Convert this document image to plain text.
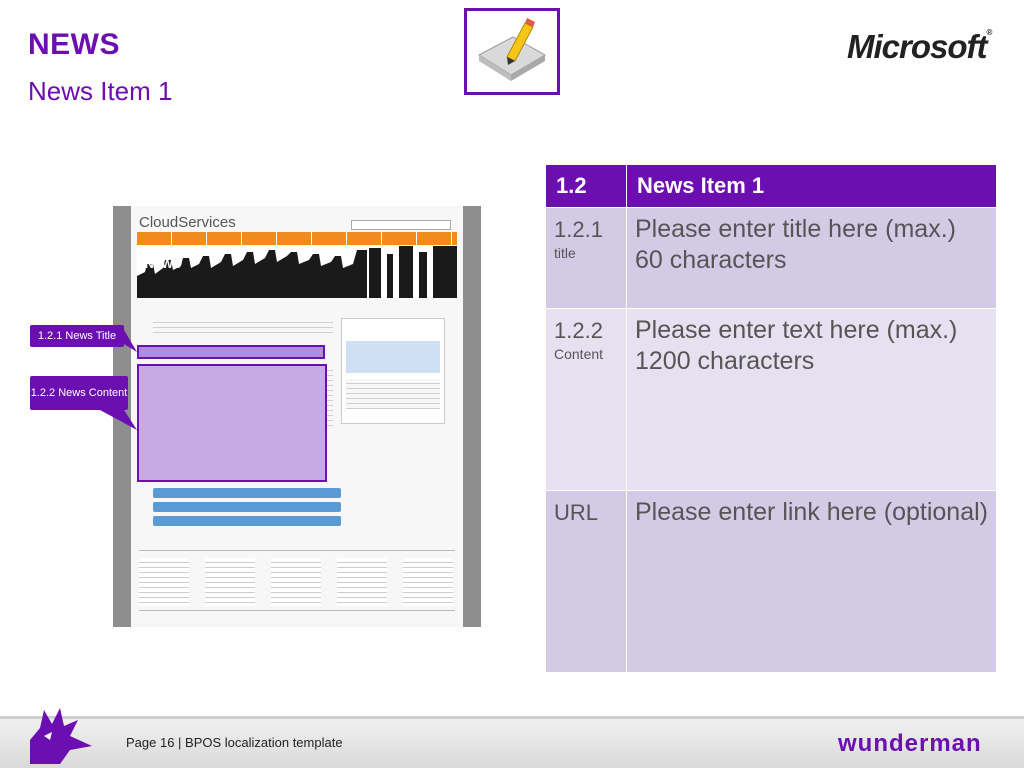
NEWS
News Item 1
Microsoft®
CloudServices
NEWS
1.2.1 News Title
1.2.2 News Content
1.2	News Item 1
1.2.1
title	Please enter title here (max.) 60 characters
1.2.2
Content	Please enter text here (max.) 1200 characters
URL	Please enter link here (optional)
Page 16 | BPOS localization template	wunderman
